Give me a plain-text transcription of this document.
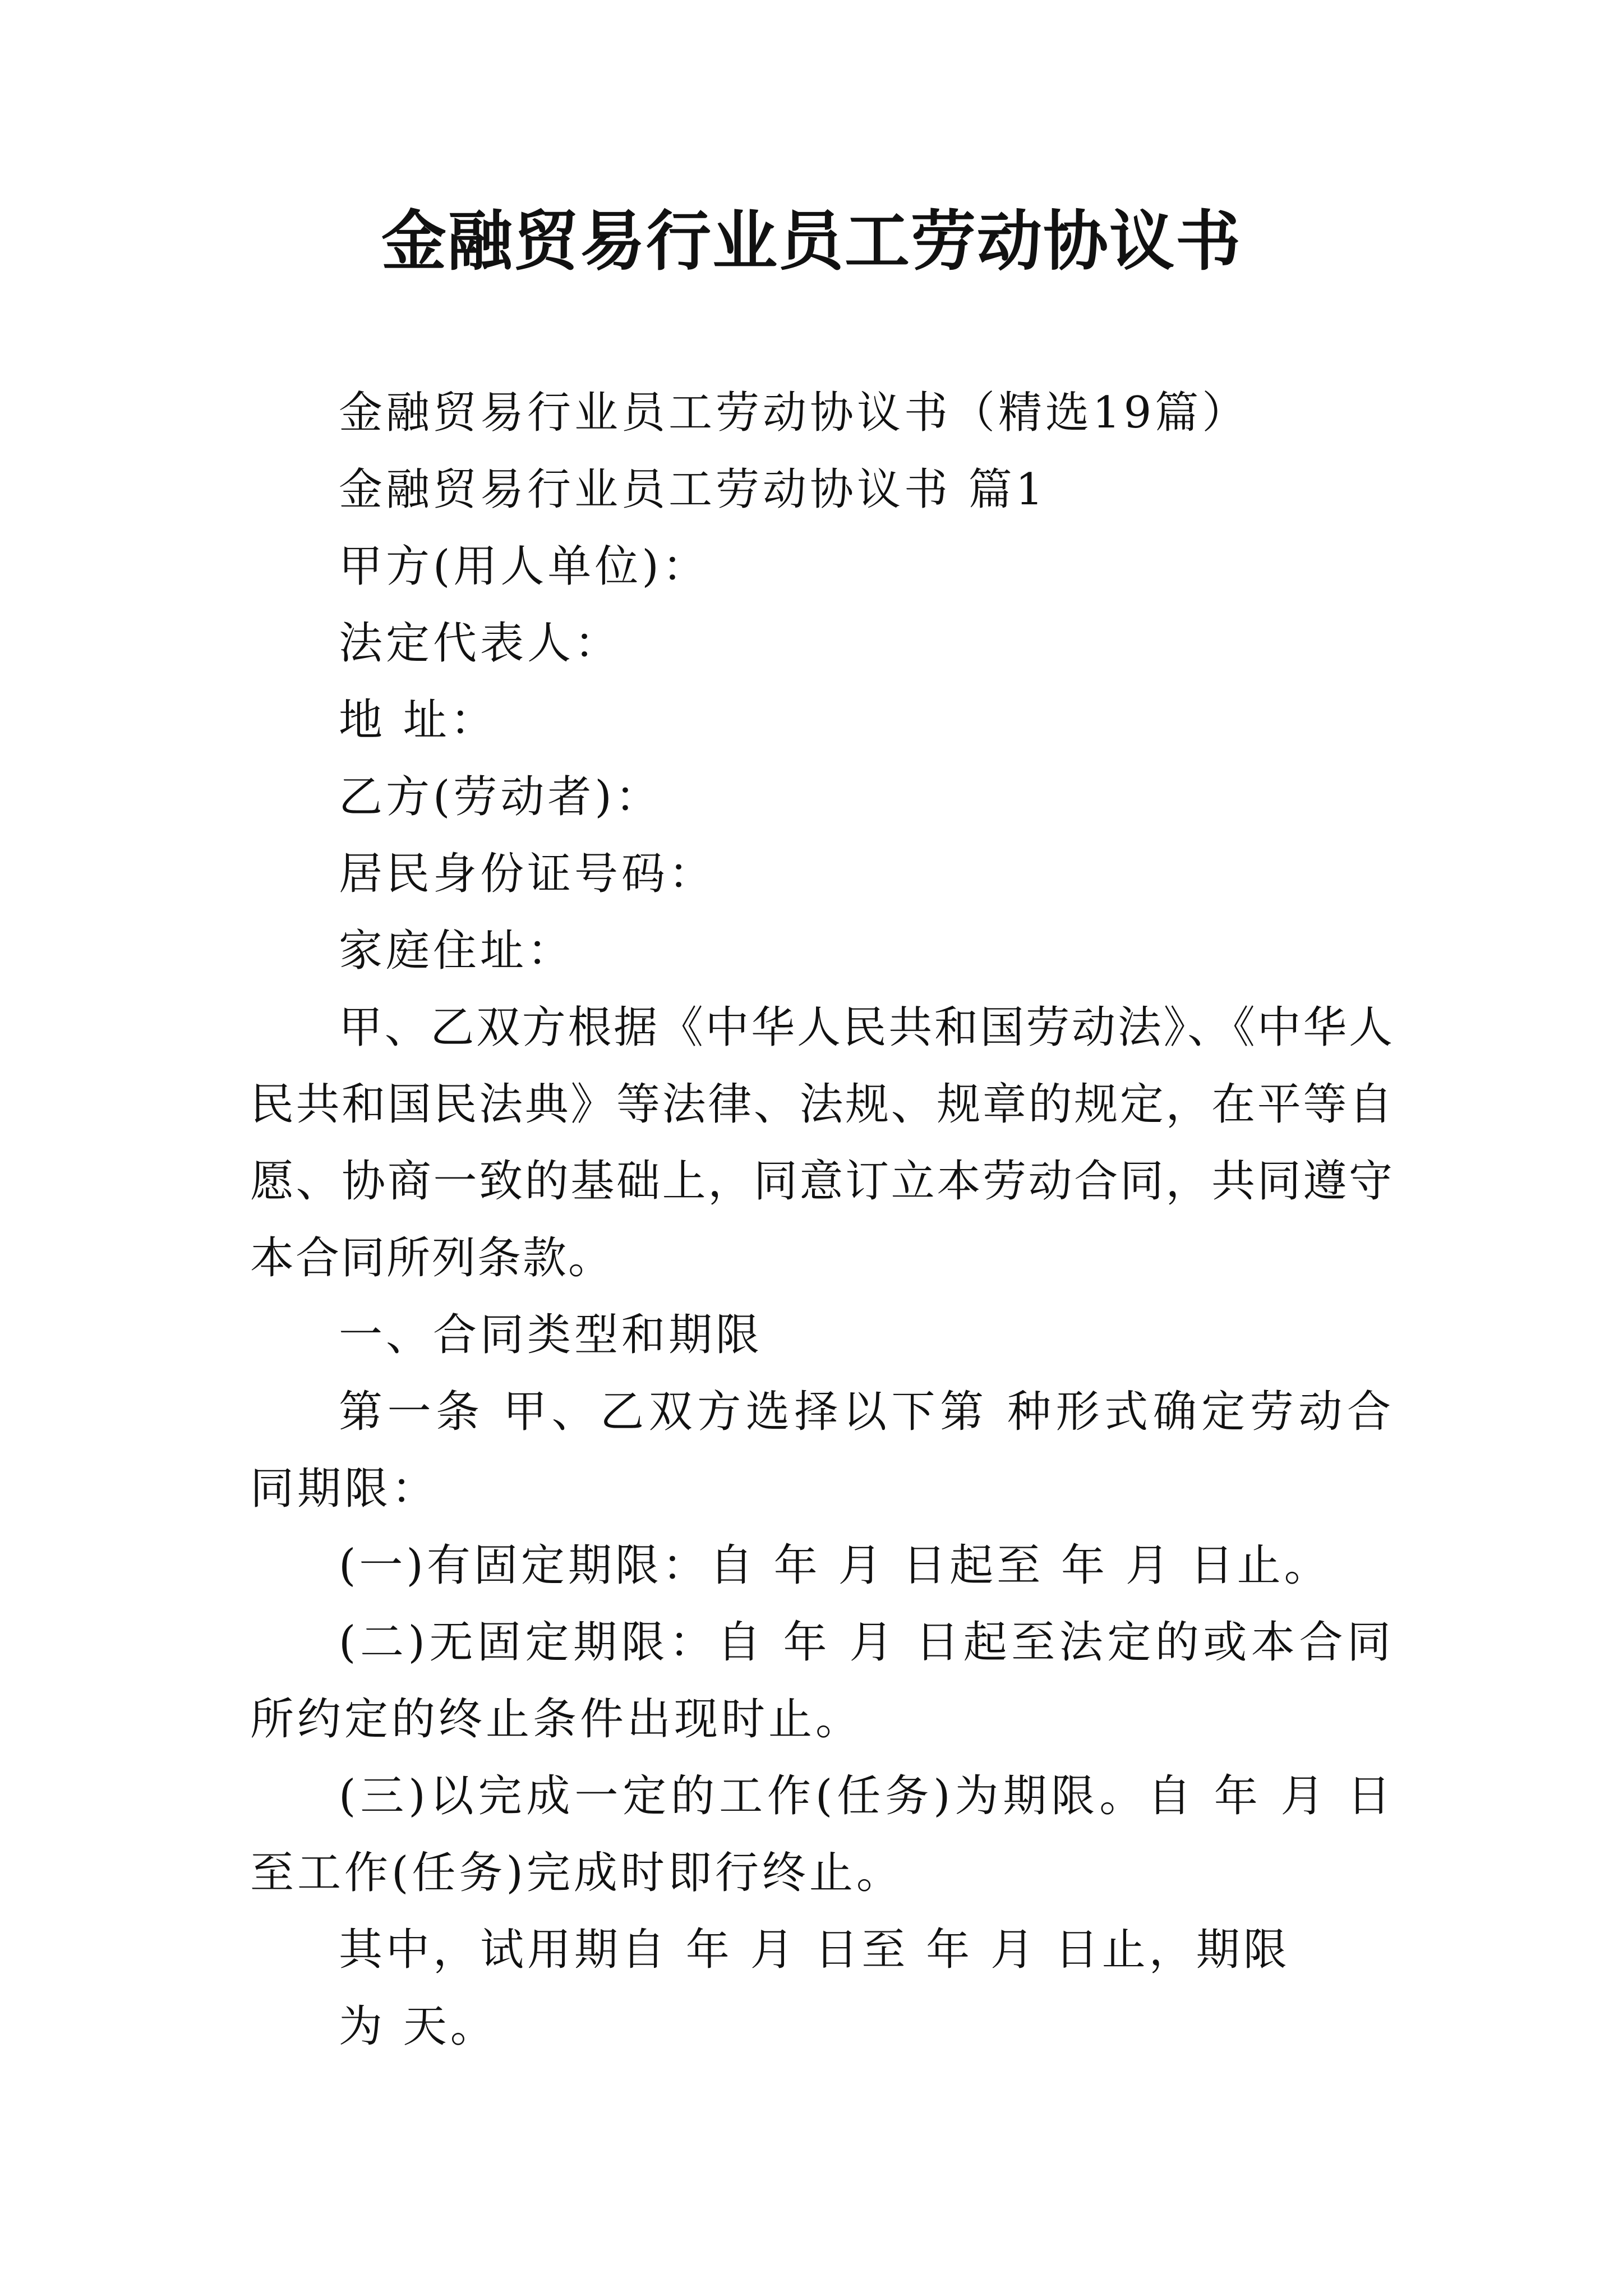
金融贸易行业员工劳动协议书

金融贸易行业员工劳动协议书（精选19篇）

金融贸易行业员工劳动协议书 篇1

甲方(用人单位)：

法定代表人：

地 址：

乙方(劳动者)：

居民身份证号码：

家庭住址：

甲、乙双方根据《中华人民共和国劳动法》、《中华人民共和国民法典》等法律、法规、规章的规定，在平等自愿、协商一致的基础上，同意订立本劳动合同，共同遵守本合同所列条款。

一、合同类型和期限

第一条 甲、乙双方选择以下第 种形式确定劳动合同期限：

(一)有固定期限：自 年 月 日起至 年 月 日止。

(二)无固定期限：自 年 月 日起至法定的或本合同所约定的终止条件出现时止。

(三)以完成一定的工作(任务)为期限。自 年 月 日至工作(任务)完成时即行终止。

其中，试用期自 年 月 日至 年 月 日止，期限

为 天。
